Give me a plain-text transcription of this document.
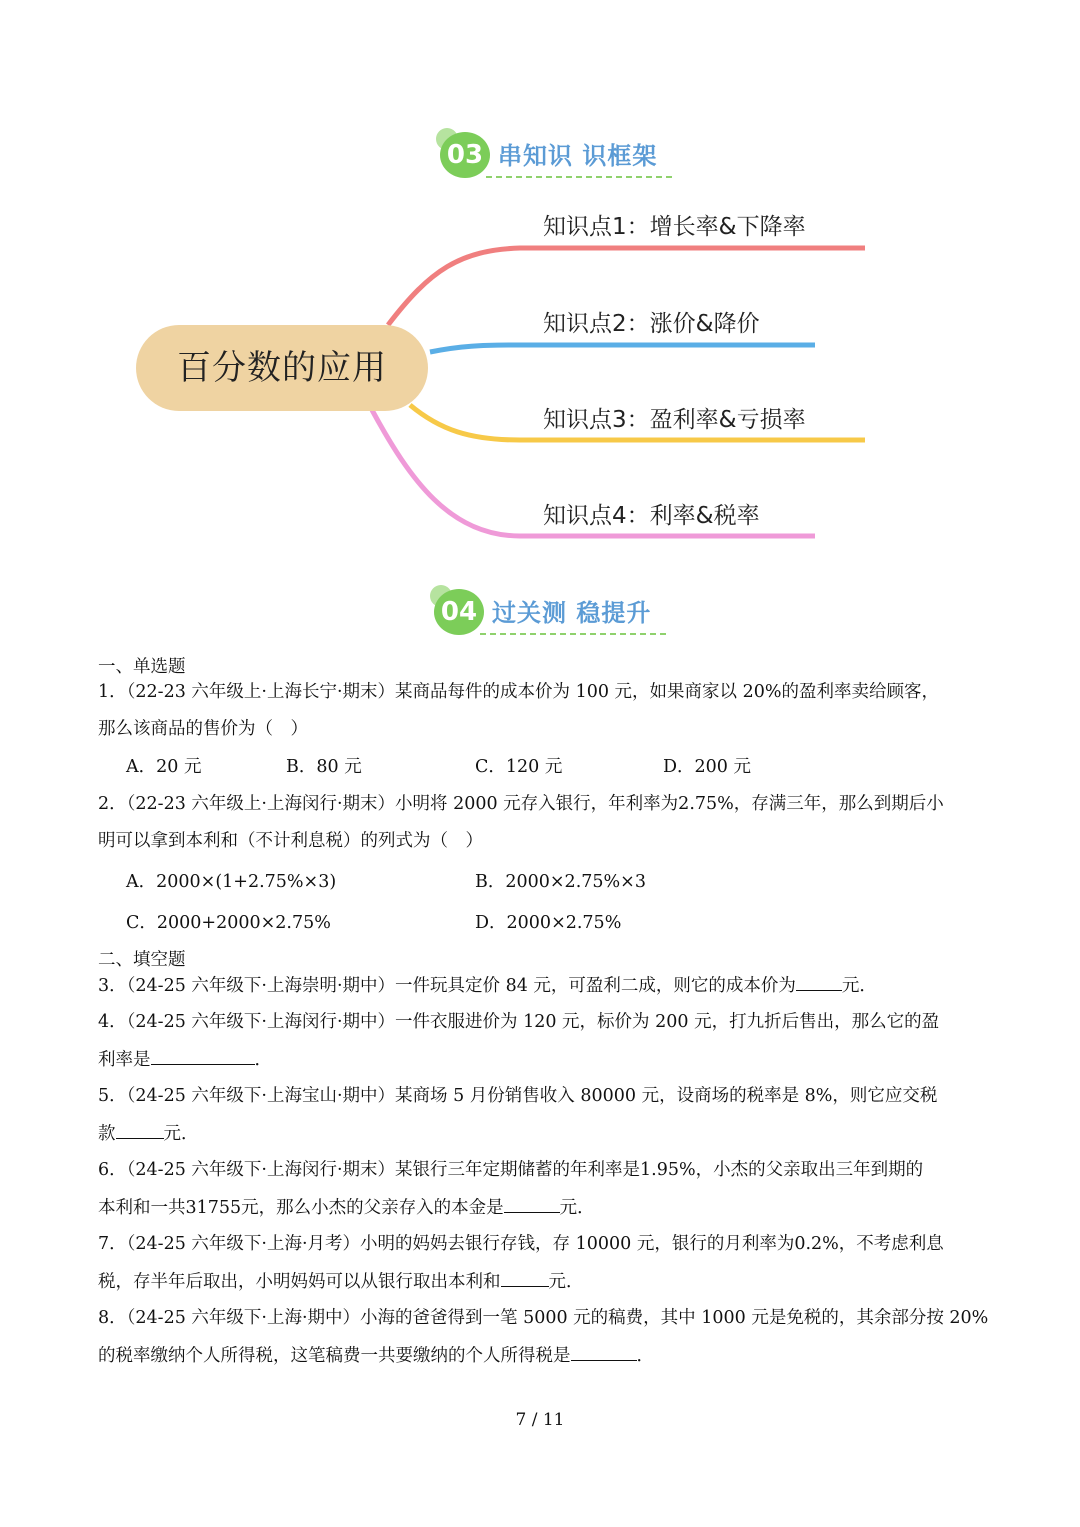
03 串知识 识框架
百分数的应用
知识点1：增长率&下降率
知识点2：涨价&降价
知识点3：盈利率&亏损率
知识点4：利率&税率
04 过关测 稳提升
一、单选题
1．（22-23 六年级上·上海长宁·期末）某商品每件的成本价为 100 元，如果商家以 20%的盈利率卖给顾客，
那么该商品的售价为（　）
A．20 元	B．80 元	C．120 元	D．200 元
2．（22-23 六年级上·上海闵行·期末）小明将 2000 元存入银行，年利率为2.75%，存满三年，那么到期后小
明可以拿到本利和（不计利息税）的列式为（　）
A．2000×(1+2.75%×3)	B．2000×2.75%×3
C．2000+2000×2.75%	D．2000×2.75%
二、填空题
3．（24-25 六年级下·上海崇明·期中）一件玩具定价 84 元，可盈利二成，则它的成本价为	元．
4．（24-25 六年级下·上海闵行·期中）一件衣服进价为 120 元，标价为 200 元，打九折后售出，那么它的盈
利率是	．
5．（24-25 六年级下·上海宝山·期中）某商场 5 月份销售收入 80000 元，设商场的税率是 8%，则它应交税
款	元．
6．（24-25 六年级下·上海闵行·期末）某银行三年定期储蓄的年利率是1.95%，小杰的父亲取出三年到期的
本利和一共31755元，那么小杰的父亲存入的本金是	元．
7．（24-25 六年级下·上海·月考）小明的妈妈去银行存钱，存 10000 元，银行的月利率为0.2%，不考虑利息
税，存半年后取出，小明妈妈可以从银行取出本利和	元．
8．（24-25 六年级下·上海·期中）小海的爸爸得到一笔 5000 元的稿费，其中 1000 元是免税的，其余部分按 20%
的税率缴纳个人所得税，这笔稿费一共要缴纳的个人所得税是	．
7 / 11
